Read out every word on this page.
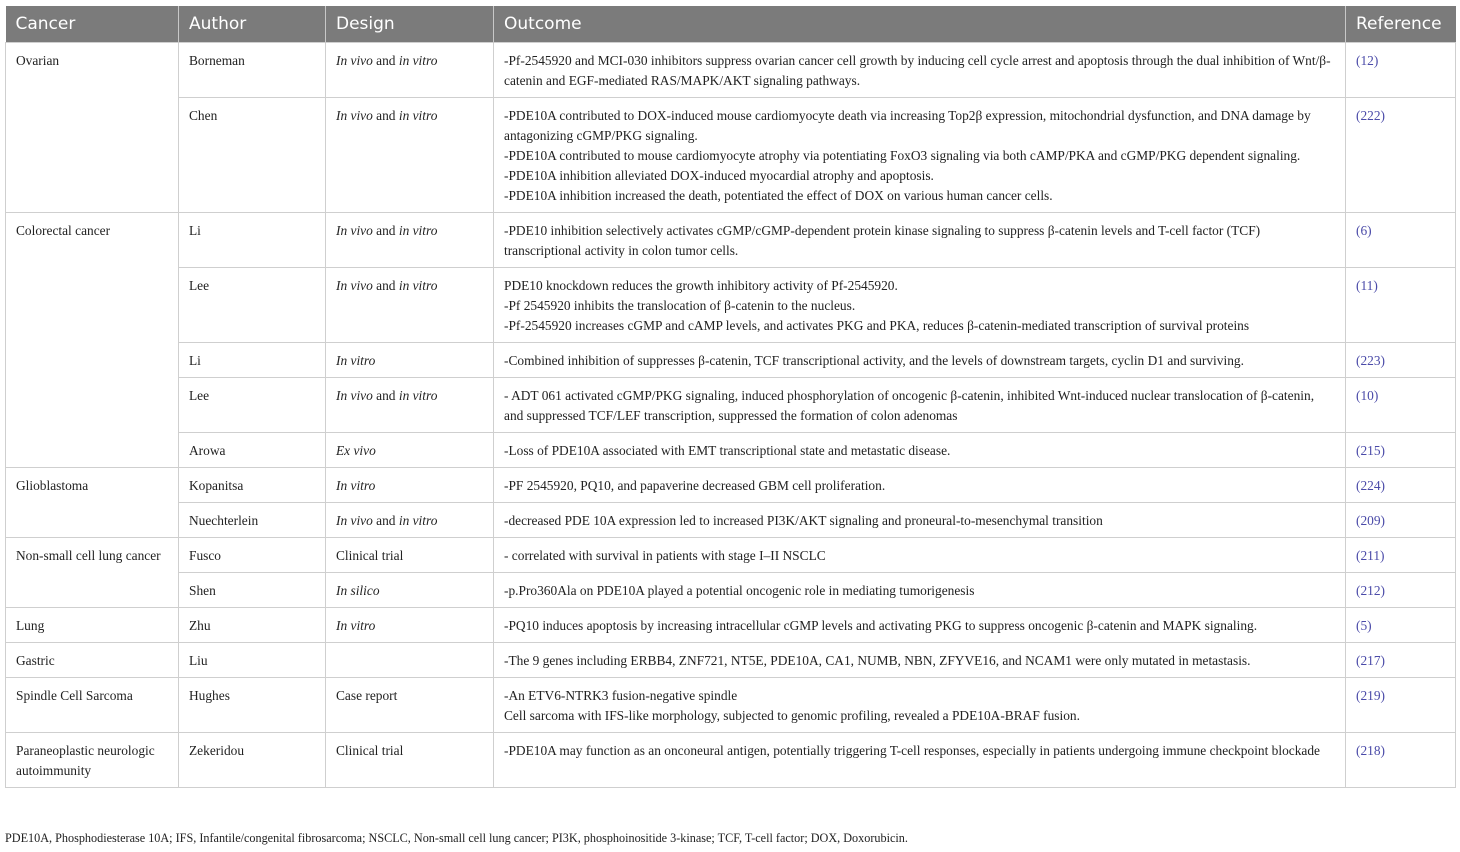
Cancer	Author	Design	Outcome	Reference
Ovarian	Borneman	In vivo and in vitro	-Pf-2545920 and MCI-030 inhibitors suppress ovarian cancer cell growth by inducing cell cycle arrest and apoptosis through the dual inhibition of Wnt/β-catenin and EGF-mediated RAS/MAPK/AKT signaling pathways.	(12)
	Chen	In vivo and in vitro	-PDE10A contributed to DOX-induced mouse cardiomyocyte death via increasing Top2β expression, mitochondrial dysfunction, and DNA damage by antagonizing cGMP/PKG signaling.

-PDE10A contributed to mouse cardiomyocyte atrophy via potentiating FoxO3 signaling via both cAMP/PKA and cGMP/PKG dependent signaling.

-PDE10A inhibition alleviated DOX-induced myocardial atrophy and apoptosis.

-PDE10A inhibition increased the death, potentiated the effect of DOX on various human cancer cells.	(222)
Colorectal cancer	Li	In vivo and in vitro	-PDE10 inhibition selectively activates cGMP/cGMP-dependent protein kinase signaling to suppress β-catenin levels and T-cell factor (TCF) transcriptional activity in colon tumor cells.	(6)
	Lee	In vivo and in vitro	PDE10 knockdown reduces the growth inhibitory activity of Pf-2545920.

-Pf 2545920 inhibits the translocation of β-catenin to the nucleus.

-Pf-2545920 increases cGMP and cAMP levels, and activates PKG and PKA, reduces β-catenin-mediated transcription of survival proteins	(11)
	Li	In vitro	-Combined inhibition of suppresses β-catenin, TCF transcriptional activity, and the levels of downstream targets, cyclin D1 and surviving.	(223)
	Lee	In vivo and in vitro	- ADT 061 activated cGMP/PKG signaling, induced phosphorylation of oncogenic β-catenin, inhibited Wnt-induced nuclear translocation of β-catenin, and suppressed TCF/LEF transcription, suppressed the formation of colon adenomas	(10)
	Arowa	Ex vivo	-Loss of PDE10A associated with EMT transcriptional state and metastatic disease.	(215)
Glioblastoma	Kopanitsa	In vitro	-PF 2545920, PQ10, and papaverine decreased GBM cell proliferation.	(224)
	Nuechterlein	In vivo and in vitro	-decreased PDE 10A expression led to increased PI3K/AKT signaling and proneural-to-mesenchymal transition	(209)
Non-small cell lung cancer	Fusco	Clinical trial	- correlated with survival in patients with stage I–II NSCLC	(211)
	Shen	In silico	-p.Pro360Ala on PDE10A played a potential oncogenic role in mediating tumorigenesis	(212)
Lung	Zhu	In vitro	-PQ10 induces apoptosis by increasing intracellular cGMP levels and activating PKG to suppress oncogenic β-catenin and MAPK signaling.	(5)
Gastric	Liu		-The 9 genes including ERBB4, ZNF721, NT5E, PDE10A, CA1, NUMB, NBN, ZFYVE16, and NCAM1 were only mutated in metastasis.	(217)
Spindle Cell Sarcoma	Hughes	Case report	-An ETV6-NTRK3 fusion-negative spindle

Cell sarcoma with IFS-like morphology, subjected to genomic profiling, revealed a PDE10A-BRAF fusion.	(219)
Paraneoplastic neurologic autoimmunity	Zekeridou	Clinical trial	-PDE10A may function as an onconeural antigen, potentially triggering T-cell responses, especially in patients undergoing immune checkpoint blockade	(218)
PDE10A, Phosphodiesterase 10A; IFS, Infantile/congenital fibrosarcoma; NSCLC, Non-small cell lung cancer; PI3K, phosphoinositide 3-kinase; TCF, T-cell factor; DOX, Doxorubicin.
